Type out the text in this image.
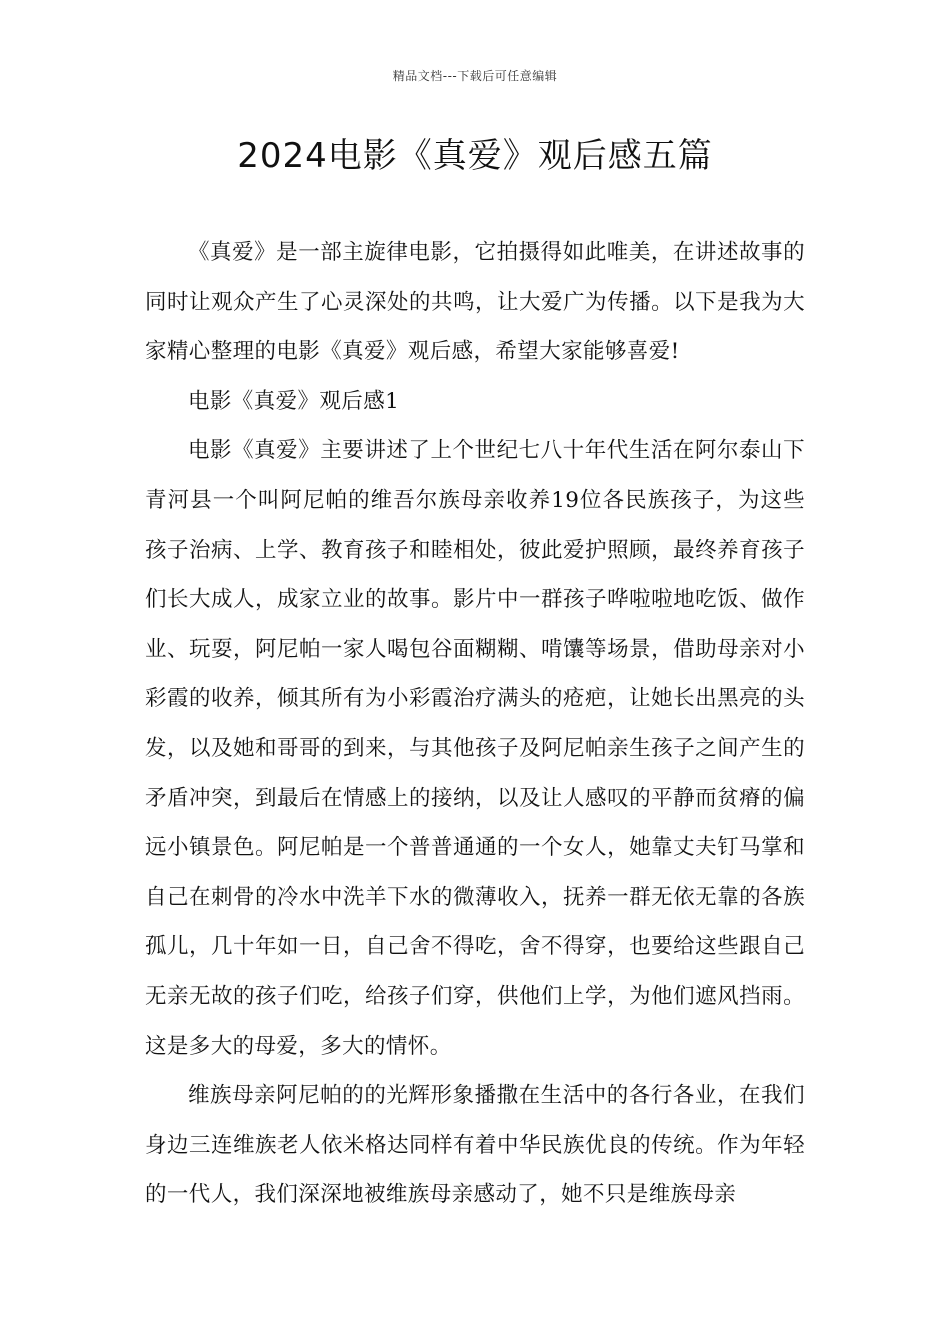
精品文档---下载后可任意编辑
2024电影《真爱》观后感五篇

《真爱》是一部主旋律电影，它拍摄得如此唯美，在讲述故事的同时让观众产生了心灵深处的共鸣，让大爱广为传播。以下是我为大家精心整理的电影《真爱》观后感，希望大家能够喜爱!

电影《真爱》观后感1

电影《真爱》主要讲述了上个世纪七八十年代生活在阿尔泰山下青河县一个叫阿尼帕的维吾尔族母亲收养19位各民族孩子，为这些孩子治病、上学、教育孩子和睦相处，彼此爱护照顾，最终养育孩子们长大成人，成家立业的故事。影片中一群孩子哗啦啦地吃饭、做作业、玩耍，阿尼帕一家人喝包谷面糊糊、啃馕等场景，借助母亲对小彩霞的收养，倾其所有为小彩霞治疗满头的疮疤，让她长出黑亮的头发，以及她和哥哥的到来，与其他孩子及阿尼帕亲生孩子之间产生的矛盾冲突，到最后在情感上的接纳，以及让人感叹的平静而贫瘠的偏远小镇景色。阿尼帕是一个普普通通的一个女人，她靠丈夫钉马掌和自己在刺骨的冷水中洗羊下水的微薄收入，抚养一群无依无靠的各族孤儿，几十年如一日，自己舍不得吃，舍不得穿，也要给这些跟自己无亲无故的孩子们吃，给孩子们穿，供他们上学，为他们遮风挡雨。这是多大的母爱，多大的情怀。

维族母亲阿尼帕的的光辉形象播撒在生活中的各行各业，在我们身边三连维族老人依米格达同样有着中华民族优良的传统。作为年轻的一代人，我们深深地被维族母亲感动了，她不只是维族母亲
